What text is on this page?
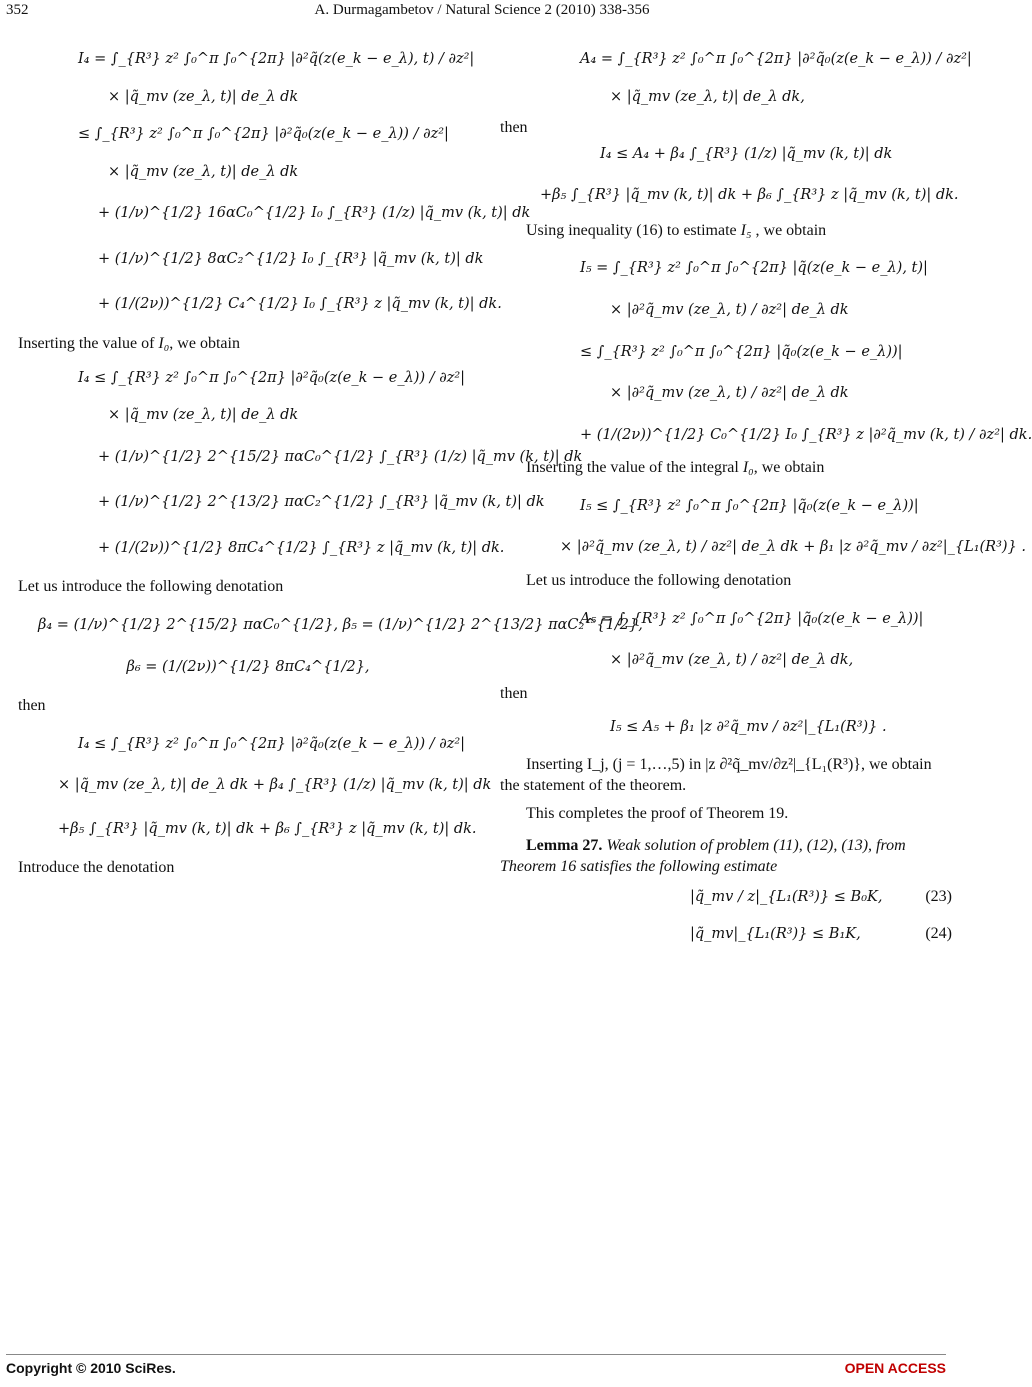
352	A. Durmagambetov / Natural Science 2 (2010) 338-356
I₄ = ∫_{R³} z² ∫₀^π ∫₀^{2π} |∂²q̃(z(e_k − e_λ), t) / ∂z²|
× |q̃_mv (ze_λ, t)| de_λ dk
≤ ∫_{R³} z² ∫₀^π ∫₀^{2π} |∂²q̃₀(z(e_k − e_λ)) / ∂z²|
× |q̃_mv (ze_λ, t)| de_λ dk
+ (1/ν)^{1/2} 16αC₀^{1/2} I₀ ∫_{R³} (1/z) |q̃_mv (k, t)| dk
+ (1/ν)^{1/2} 8αC₂^{1/2} I₀ ∫_{R³} |q̃_mv (k, t)| dk
+ (1/(2ν))^{1/2} C₄^{1/2} I₀ ∫_{R³} z |q̃_mv (k, t)| dk.

Inserting the value of I₀, we obtain

I₄ ≤ ∫_{R³} z² ∫₀^π ∫₀^{2π} |∂²q̃₀(z(e_k − e_λ)) / ∂z²|
× |q̃_mv (ze_λ, t)| de_λ dk
+ (1/ν)^{1/2} 2^{15/2} παC₀^{1/2} ∫_{R³} (1/z) |q̃_mv (k, t)| dk
+ (1/ν)^{1/2} 2^{13/2} παC₂^{1/2} ∫_{R³} |q̃_mv (k, t)| dk
+ (1/(2ν))^{1/2} 8πC₄^{1/2} ∫_{R³} z |q̃_mv (k, t)| dk.

Let us introduce the following denotation

β₄ = (1/ν)^{1/2} 2^{15/2} παC₀^{1/2}, β₅ = (1/ν)^{1/2} 2^{13/2} παC₂^{1/2},
β₆ = (1/(2ν))^{1/2} 8πC₄^{1/2},

then

I₄ ≤ ∫_{R³} z² ∫₀^π ∫₀^{2π} |∂²q̃₀(z(e_k − e_λ)) / ∂z²|
× |q̃_mv (ze_λ, t)| de_λ dk + β₄ ∫_{R³} (1/z) |q̃_mv (k, t)| dk
+β₅ ∫_{R³} |q̃_mv (k, t)| dk + β₆ ∫_{R³} z |q̃_mv (k, t)| dk.

Introduce the denotation

A₄ = ∫_{R³} z² ∫₀^π ∫₀^{2π} |∂²q̃₀(z(e_k − e_λ)) / ∂z²|
× |q̃_mv (ze_λ, t)| de_λ dk,

then

I₄ ≤ A₄ + β₄ ∫_{R³} (1/z) |q̃_mv (k, t)| dk
+β₅ ∫_{R³} |q̃_mv (k, t)| dk + β₆ ∫_{R³} z |q̃_mv (k, t)| dk.

Using inequality (16) to estimate I₅ , we obtain

I₅ = ∫_{R³} z² ∫₀^π ∫₀^{2π} |q̃(z(e_k − e_λ), t)|
× |∂²q̃_mv (ze_λ, t) / ∂z²| de_λ dk
≤ ∫_{R³} z² ∫₀^π ∫₀^{2π} |q̃₀(z(e_k − e_λ))|
× |∂²q̃_mv (ze_λ, t) / ∂z²| de_λ dk
+ (1/(2ν))^{1/2} C₀^{1/2} I₀ ∫_{R³} z |∂²q̃_mv (k, t) / ∂z²| dk.

Inserting the value of the integral I₀, we obtain

I₅ ≤ ∫_{R³} z² ∫₀^π ∫₀^{2π} |q̃₀(z(e_k − e_λ))|
× |∂²q̃_mv (ze_λ, t) / ∂z²| de_λ dk + β₁ |z ∂²q̃_mv / ∂z²|_{L₁(R³)} .

Let us introduce the following denotation

A₅ = ∫_{R³} z² ∫₀^π ∫₀^{2π} |q̃₀(z(e_k − e_λ))|
× |∂²q̃_mv (ze_λ, t) / ∂z²| de_λ dk,

then

I₅ ≤ A₅ + β₁ |z ∂²q̃_mv / ∂z²|_{L₁(R³)} .

Inserting I_j, (j = 1,…,5) in |z ∂²q̃_mv/∂z²|_{L₁(R³)}, we obtain the statement of the theorem.

This completes the proof of Theorem 19.

Lemma 27. Weak solution of problem (11), (12), (13), from Theorem 16 satisfies the following estimate

(23)
|q̃_mv / z|_{L₁(R³)} ≤ B₀K,
(24)
|q̃_mv|_{L₁(R³)} ≤ B₁K,
Copyright © 2010 SciRes.	OPEN ACCESS
